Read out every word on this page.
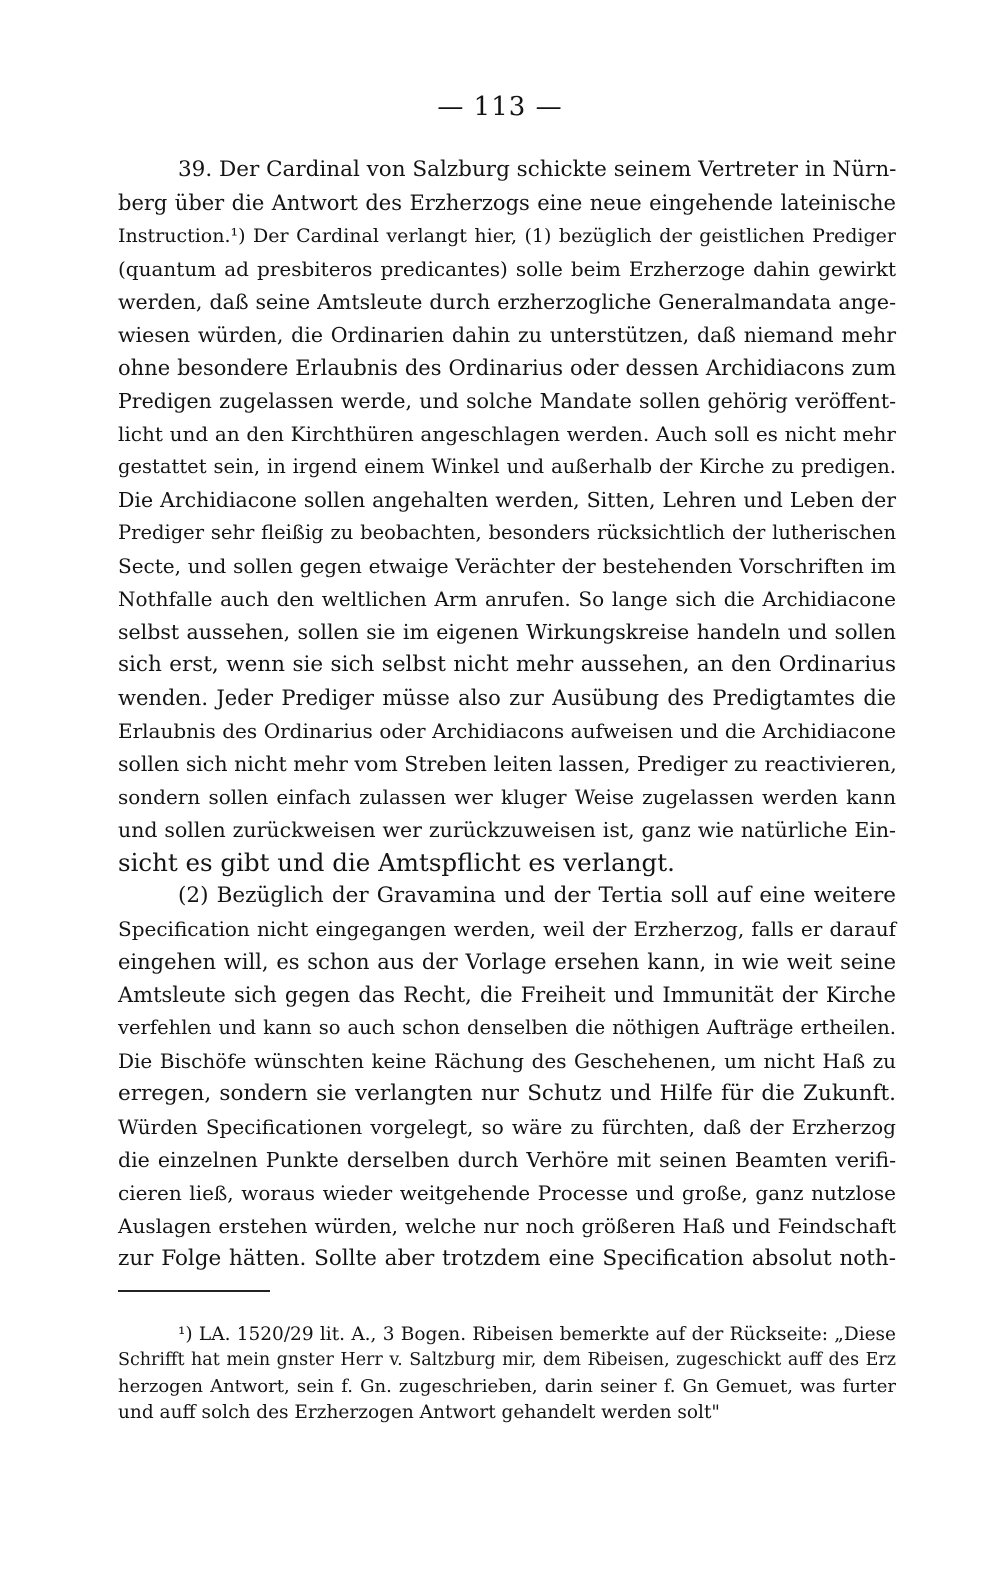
— 113 —
39. Der Cardinal von Salzburg schickte seinem Vertreter in Nürn-
berg über die Antwort des Erzherzogs eine neue eingehende lateinische
Instruction.¹) Der Cardinal verlangt hier, (1) bezüglich der geistlichen Prediger
(quantum ad presbiteros predicantes) solle beim Erzherzoge dahin gewirkt
werden, daß seine Amtsleute durch erzherzogliche Generalmandata ange-
wiesen würden, die Ordinarien dahin zu unterstützen, daß niemand mehr
ohne besondere Erlaubnis des Ordinarius oder dessen Archidiacons zum
Predigen zugelassen werde, und solche Mandate sollen gehörig veröffent-
licht und an den Kirchthüren angeschlagen werden. Auch soll es nicht mehr
gestattet sein, in irgend einem Winkel und außerhalb der Kirche zu predigen.
Die Archidiacone sollen angehalten werden, Sitten, Lehren und Leben der
Prediger sehr fleißig zu beobachten, besonders rücksichtlich der lutherischen
Secte, und sollen gegen etwaige Verächter der bestehenden Vorschriften im
Nothfalle auch den weltlichen Arm anrufen. So lange sich die Archidiacone
selbst aussehen, sollen sie im eigenen Wirkungskreise handeln und sollen
sich erst, wenn sie sich selbst nicht mehr aussehen, an den Ordinarius
wenden. Jeder Prediger müsse also zur Ausübung des Predigtamtes die
Erlaubnis des Ordinarius oder Archidiacons aufweisen und die Archidiacone
sollen sich nicht mehr vom Streben leiten lassen, Prediger zu reactivieren,
sondern sollen einfach zulassen wer kluger Weise zugelassen werden kann
und sollen zurückweisen wer zurückzuweisen ist, ganz wie natürliche Ein-
sicht es gibt und die Amtspflicht es verlangt.
(2) Bezüglich der Gravamina und der Tertia soll auf eine weitere
Specification nicht eingegangen werden, weil der Erzherzog, falls er darauf
eingehen will, es schon aus der Vorlage ersehen kann, in wie weit seine
Amtsleute sich gegen das Recht, die Freiheit und Immunität der Kirche
verfehlen und kann so auch schon denselben die nöthigen Aufträge ertheilen.
Die Bischöfe wünschten keine Rächung des Geschehenen, um nicht Haß zu
erregen, sondern sie verlangten nur Schutz und Hilfe für die Zukunft.
Würden Specificationen vorgelegt, so wäre zu fürchten, daß der Erzherzog
die einzelnen Punkte derselben durch Verhöre mit seinen Beamten verifi-
cieren ließ, woraus wieder weitgehende Processe und große, ganz nutzlose
Auslagen erstehen würden, welche nur noch größeren Haß und Feindschaft
zur Folge hätten. Sollte aber trotzdem eine Specification absolut noth-
¹) LA. 1520/29 lit. A., 3 Bogen. Ribeisen bemerkte auf der Rückseite: „Diese
Schrifft hat mein gnster Herr v. Saltzburg mir, dem Ribeisen, zugeschickt auff des Erz
herzogen Antwort, sein f. Gn. zugeschrieben, darin seiner f. Gn Gemuet, was furter
und auff solch des Erzherzogen Antwort gehandelt werden solt"
